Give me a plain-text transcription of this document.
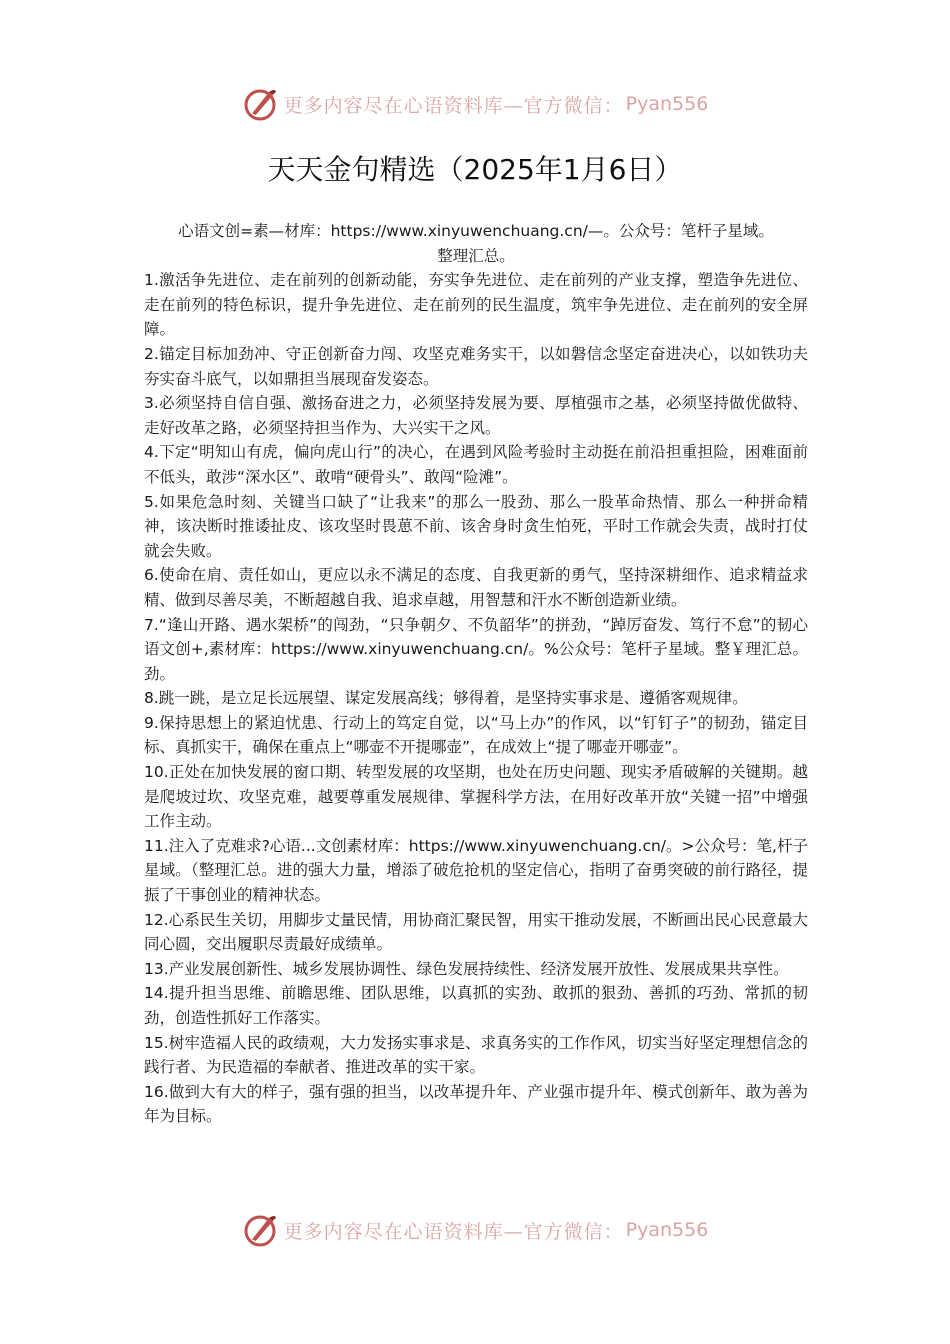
更多内容尽在心语资料库—官方微信： Pyan556
天天金句精选（2025年1月6日）

心语文创=素—材库：https://www.xinyuwenchuang.cn/—。公众号：笔杆子星域。

整理汇总。

1.激活争先进位、走在前列的创新动能，夯实争先进位、走在前列的产业支撑，塑造争先进位、走在前列的特色标识，提升争先进位、走在前列的民生温度，筑牢争先进位、走在前列的安全屏障。

2.锚定目标加劲冲、守正创新奋力闯、攻坚克难务实干，以如磐信念坚定奋进决心，以如铁功夫夯实奋斗底气，以如鼎担当展现奋发姿态。

3.必须坚持自信自强、激扬奋进之力，必须坚持发展为要、厚植强市之基，必须坚持做优做特、走好改革之路，必须坚持担当作为、大兴实干之风。

4.下定“明知山有虎，偏向虎山行”的决心，在遇到风险考验时主动挺在前沿担重担险，困难面前不低头，敢涉“深水区”、敢啃“硬骨头”、敢闯“险滩”。

5.如果危急时刻、关键当口缺了“让我来”的那么一股劲、那么一股革命热情、那么一种拼命精神，该决断时推诿扯皮、该攻坚时畏葸不前、该舍身时贪生怕死，平时工作就会失责，战时打仗就会失败。

6.使命在肩、责任如山，更应以永不满足的态度、自我更新的勇气，坚持深耕细作、追求精益求精、做到尽善尽美，不断超越自我、追求卓越，用智慧和汗水不断创造新业绩。

7.“逢山开路、遇水架桥”的闯劲，“只争朝夕、不负韶华”的拼劲，“踔厉奋发、笃行不怠”的韧心语文创+,素材库：https://www.xinyuwenchuang.cn/。%公众号：笔杆子星域。整￥理汇总。劲。

8.跳一跳，是立足长远展望、谋定发展高线；够得着，是坚持实事求是、遵循客观规律。

9.保持思想上的紧迫忧患、行动上的笃定自觉，以“马上办”的作风，以“钉钉子”的韧劲，锚定目标、真抓实干，确保在重点上“哪壶不开提哪壶”，在成效上“提了哪壶开哪壶”。

10.正处在加快发展的窗口期、转型发展的攻坚期，也处在历史问题、现实矛盾破解的关键期。越是爬坡过坎、攻坚克难，越要尊重发展规律、掌握科学方法，在用好改革开放“关键一招”中增强工作主动。

11.注入了克难求?心语...文创素材库：https://www.xinyuwenchuang.cn/。>公众号：笔,杆子星域。（整理汇总。进的强大力量，增添了破危抢机的坚定信心，指明了奋勇突破的前行路径，提振了干事创业的精神状态。

12.心系民生关切，用脚步丈量民情，用协商汇聚民智，用实干推动发展，不断画出民心民意最大同心圆，交出履职尽责最好成绩单。

13.产业发展创新性、城乡发展协调性、绿色发展持续性、经济发展开放性、发展成果共享性。

14.提升担当思维、前瞻思维、团队思维，以真抓的实劲、敢抓的狠劲、善抓的巧劲、常抓的韧劲，创造性抓好工作落实。

15.树牢造福人民的政绩观，大力发扬实事求是、求真务实的工作作风，切实当好坚定理想信念的践行者、为民造福的奉献者、推进改革的实干家。

16.做到大有大的样子，强有强的担当，以改革提升年、产业强市提升年、模式创新年、敢为善为年为目标。

更多内容尽在心语资料库—官方微信： Pyan556
